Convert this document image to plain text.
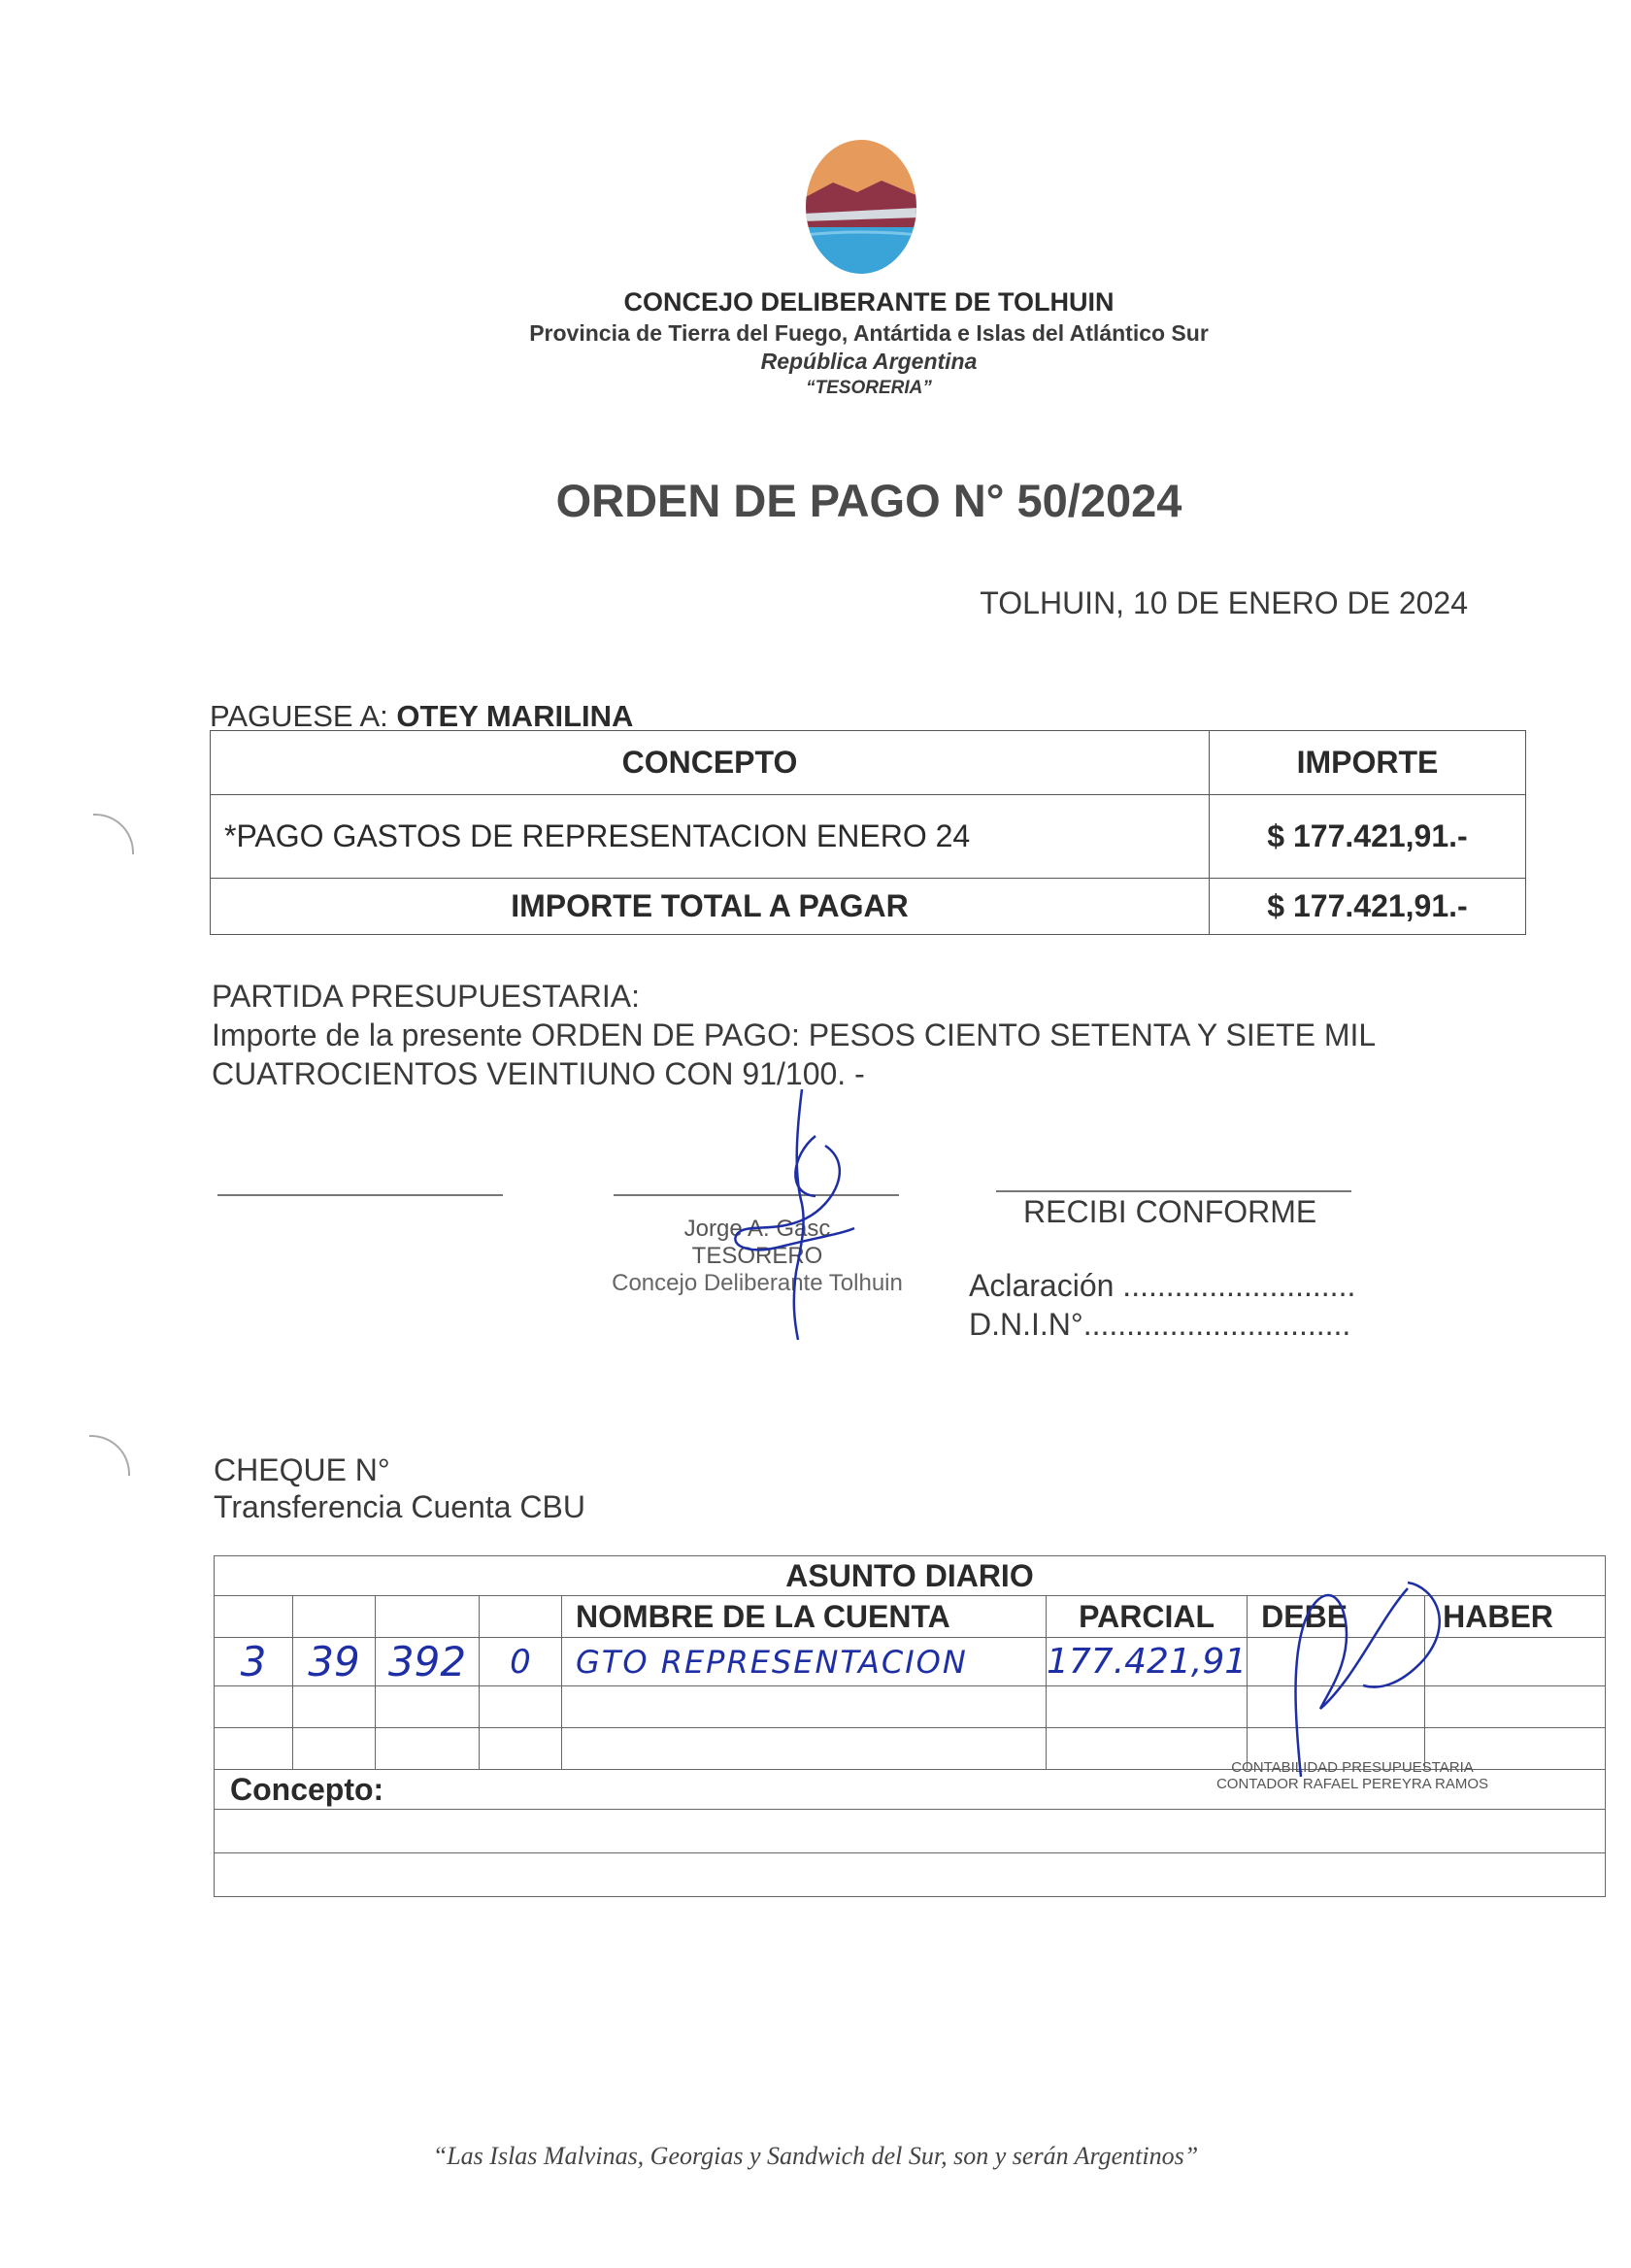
CONCEJO DELIBERANTE DE TOLHUIN
Provincia de Tierra del Fuego, Antártida e Islas del Atlántico Sur
República Argentina
“TESORERIA”
ORDEN DE PAGO N° 50/2024
TOLHUIN, 10 DE ENERO DE 2024
PAGUESE A: OTEY MARILINA
CONCEPTO	IMPORTE
*PAGO GASTOS DE REPRESENTACION ENERO 24	$ 177.421,91.-
IMPORTE TOTAL A PAGAR	$ 177.421,91.-
PARTIDA PRESUPUESTARIA:
Importe de la presente ORDEN DE PAGO: PESOS CIENTO SETENTA Y SIETE MIL
CUATROCIENTOS VEINTIUNO CON 91/100. -
Jorge A. Gasc
TESORERO
Concejo Deliberante Tolhuin
RECIBI CONFORME
Aclaración ...........................
D.N.I.N°...............................
CHEQUE N°
Transferencia Cuenta CBU
ASUNTO DIARIO							
				NOMBRE DE LA CUENTA	PARCIAL	DEBE	HABER
3	39	392	0	GTO REPRESENTACION	177.421,91		

Concepto:							

CONTABILIDAD PRESUPUESTARIA
CONTADOR RAFAEL PEREYRA RAMOS
“Las Islas Malvinas, Georgias y Sandwich del Sur, son y serán Argentinos”
